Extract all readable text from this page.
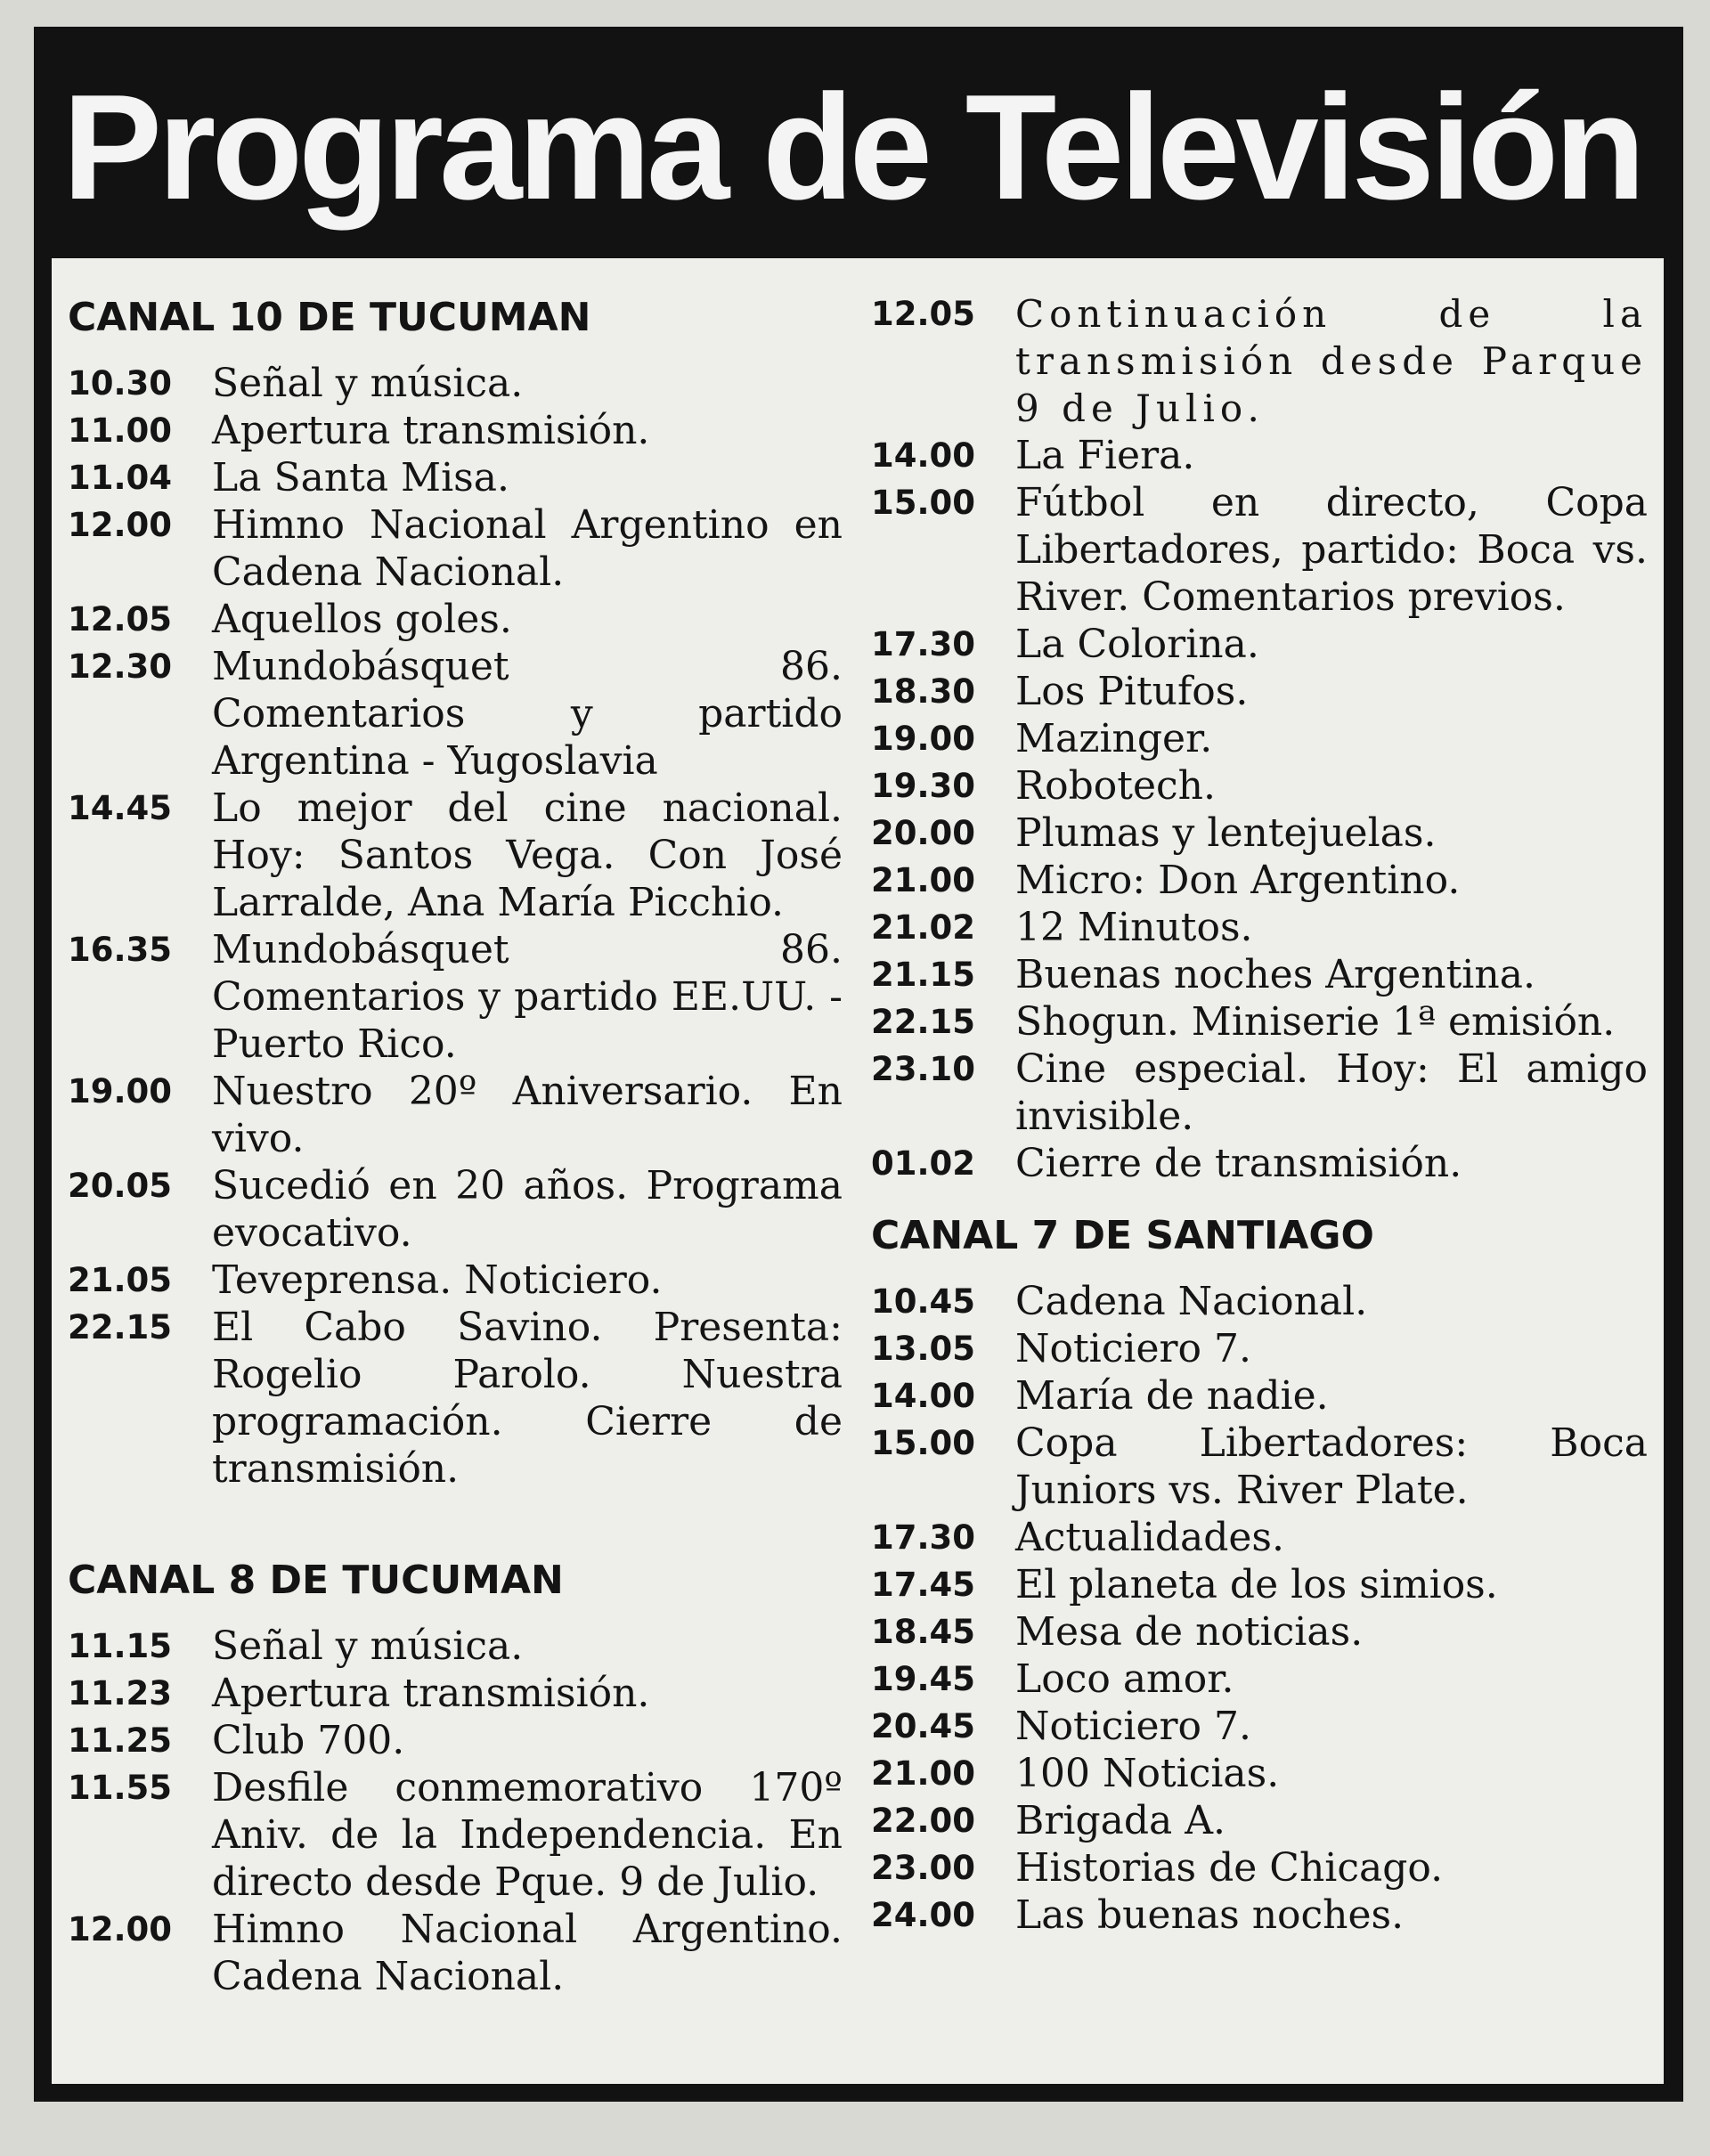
Programa de Televisión
CANAL 10 DE TUCUMAN
10.30	Señal y música.
11.00	Apertura transmisión.
11.04	La Santa Misa.
12.00	Himno Nacional Argentino en Cadena Nacional.
12.05	Aquellos goles.
12.30	Mundobásquet 86. Comentarios y partido Argentina - Yugoslavia
14.45	Lo mejor del cine nacional. Hoy: Santos Vega. Con José Larralde, Ana María Picchio.
16.35	Mundobásquet 86. Comentarios y partido EE.UU. - Puerto Rico.
19.00	Nuestro 20º Aniversario. En vivo.
20.05	Sucedió en 20 años. Programa evocativo.
21.05	Teveprensa. Noticiero.
22.15	El Cabo Savino. Presenta: Rogelio Parolo. Nuestra programación. Cierre de transmisión.
CANAL 8 DE TUCUMAN
11.15	Señal y música.
11.23	Apertura transmisión.
11.25	Club 700.
11.55	Desfile conmemorativo 170º Aniv. de la Independencia. En directo desde Pque. 9 de Julio.
12.00	Himno Nacional Argentino. Cadena Nacional.
12.05	Continuación de la transmisión desde Parque 9 de Julio.
14.00	La Fiera.
15.00	Fútbol en directo, Copa Libertadores, partido: Boca vs. River. Comentarios previos.
17.30	La Colorina.
18.30	Los Pitufos.
19.00	Mazinger.
19.30	Robotech.
20.00	Plumas y lentejuelas.
21.00	Micro: Don Argentino.
21.02	12 Minutos.
21.15	Buenas noches Argentina.
22.15	Shogun. Miniserie 1ª emisión.
23.10	Cine especial. Hoy: El amigo invisible.
01.02	Cierre de transmisión.
CANAL 7 DE SANTIAGO
10.45	Cadena Nacional.
13.05	Noticiero 7.
14.00	María de nadie.
15.00	Copa Libertadores: Boca Juniors vs. River Plate.
17.30	Actualidades.
17.45	El planeta de los simios.
18.45	Mesa de noticias.
19.45	Loco amor.
20.45	Noticiero 7.
21.00	100 Noticias.
22.00	Brigada A.
23.00	Historias de Chicago.
24.00	Las buenas noches.
